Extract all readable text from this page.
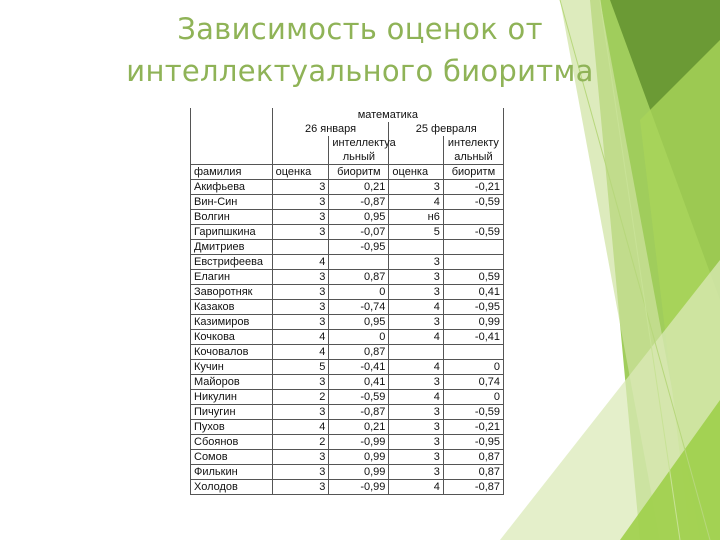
Зависимость оценок от интеллектуального биоритма
	математика			
	26 января		25 февраля	
		интеллектуа		интелекту
		льный		альный
фамилия	оценка	биоритм	оценка	биоритм
Акифьева	3	0,21	3	-0,21
Вин-Син	3	-0,87	4	-0,59
Волгин	3	0,95	н6	
Гарипшкина	3	-0,07	5	-0,59
Дмитриев		-0,95		
Евстрифеева	4		3	
Елагин	3	0,87	3	0,59
Заворотняк	3	0	3	0,41
Казаков	3	-0,74	4	-0,95
Казимиров	3	0,95	3	0,99
Кочкова	4	0	4	-0,41
Кочовалов	4	0,87		
Кучин	5	-0,41	4	0
Майоров	3	0,41	3	0,74
Никулин	2	-0,59	4	0
Пичугин	3	-0,87	3	-0,59
Пухов	4	0,21	3	-0,21
Сбоянов	2	-0,99	3	-0,95
Сомов	3	0,99	3	0,87
Филькин	3	0,99	3	0,87
Холодов	3	-0,99	4	-0,87
